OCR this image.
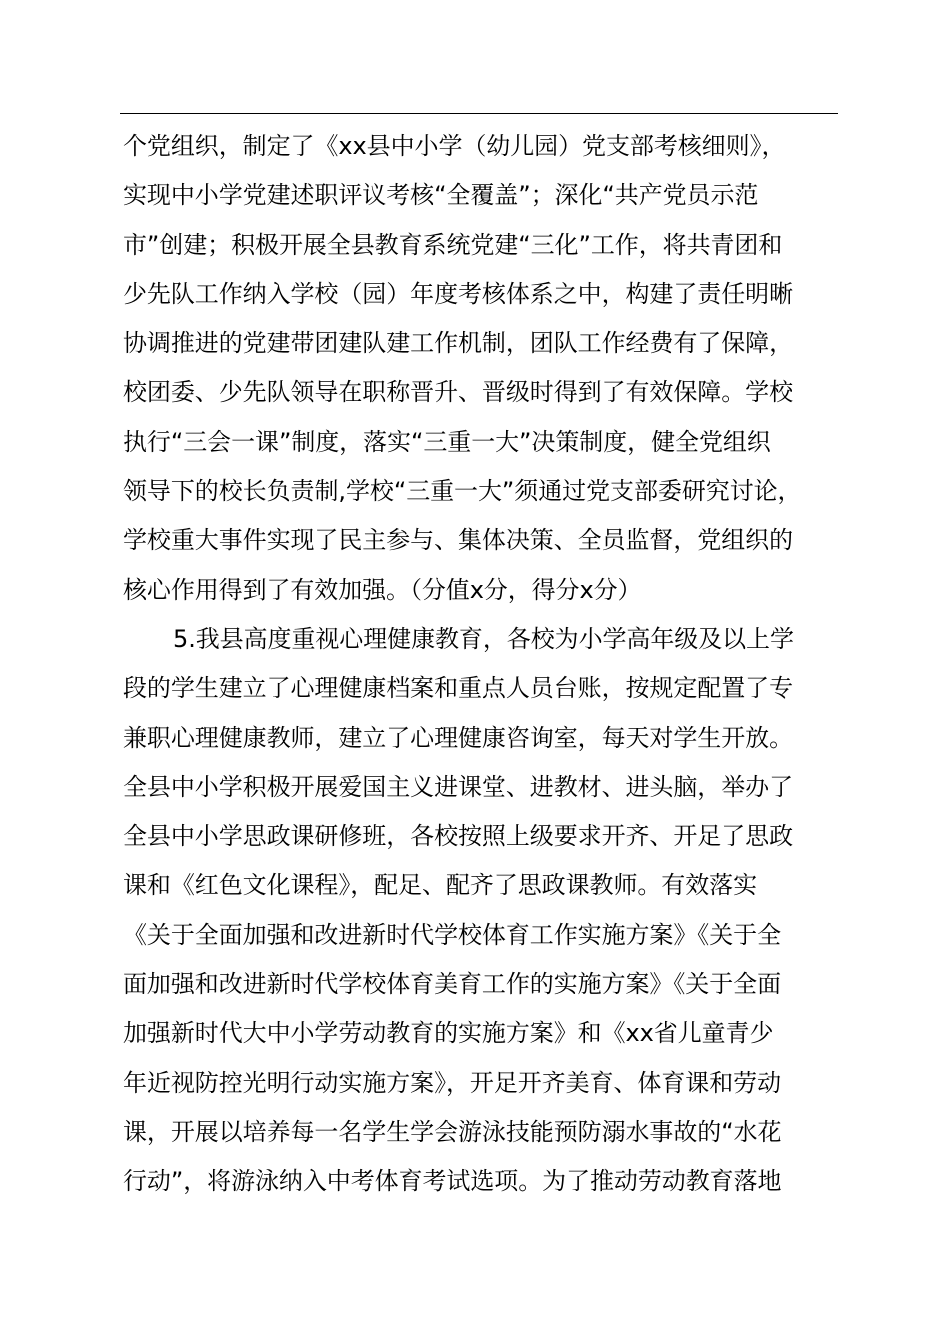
个党组织，制定了《xx县中小学（幼儿园）党支部考核细则》，
实现中小学党建述职评议考核“全覆盖”；深化“共产党员示范
市”创建；积极开展全县教育系统党建“三化”工作，将共青团和
少先队工作纳入学校（园）年度考核体系之中，构建了责任明晰
协调推进的党建带团建队建工作机制，团队工作经费有了保障，
校团委、少先队领导在职称晋升、晋级时得到了有效保障。学校
执行“三会一课”制度，落实“三重一大”决策制度，健全党组织
领导下的校长负责制,学校“三重一大”须通过党支部委研究讨论，
学校重大事件实现了民主参与、集体决策、全员监督，党组织的
核心作用得到了有效加强。（分值x分，得分x分）
5.我县高度重视心理健康教育，各校为小学高年级及以上学
段的学生建立了心理健康档案和重点人员台账，按规定配置了专
兼职心理健康教师，建立了心理健康咨询室，每天对学生开放。
全县中小学积极开展爱国主义进课堂、进教材、进头脑，举办了
全县中小学思政课研修班，各校按照上级要求开齐、开足了思政
课和《红色文化课程》，配足、配齐了思政课教师。有效落实
《关于全面加强和改进新时代学校体育工作实施方案》《关于全
面加强和改进新时代学校体育美育工作的实施方案》《关于全面
加强新时代大中小学劳动教育的实施方案》和《xx省儿童青少
年近视防控光明行动实施方案》，开足开齐美育、体育课和劳动
课，开展以培养每一名学生学会游泳技能预防溺水事故的“水花
行动”，将游泳纳入中考体育考试选项。为了推动劳动教育落地
